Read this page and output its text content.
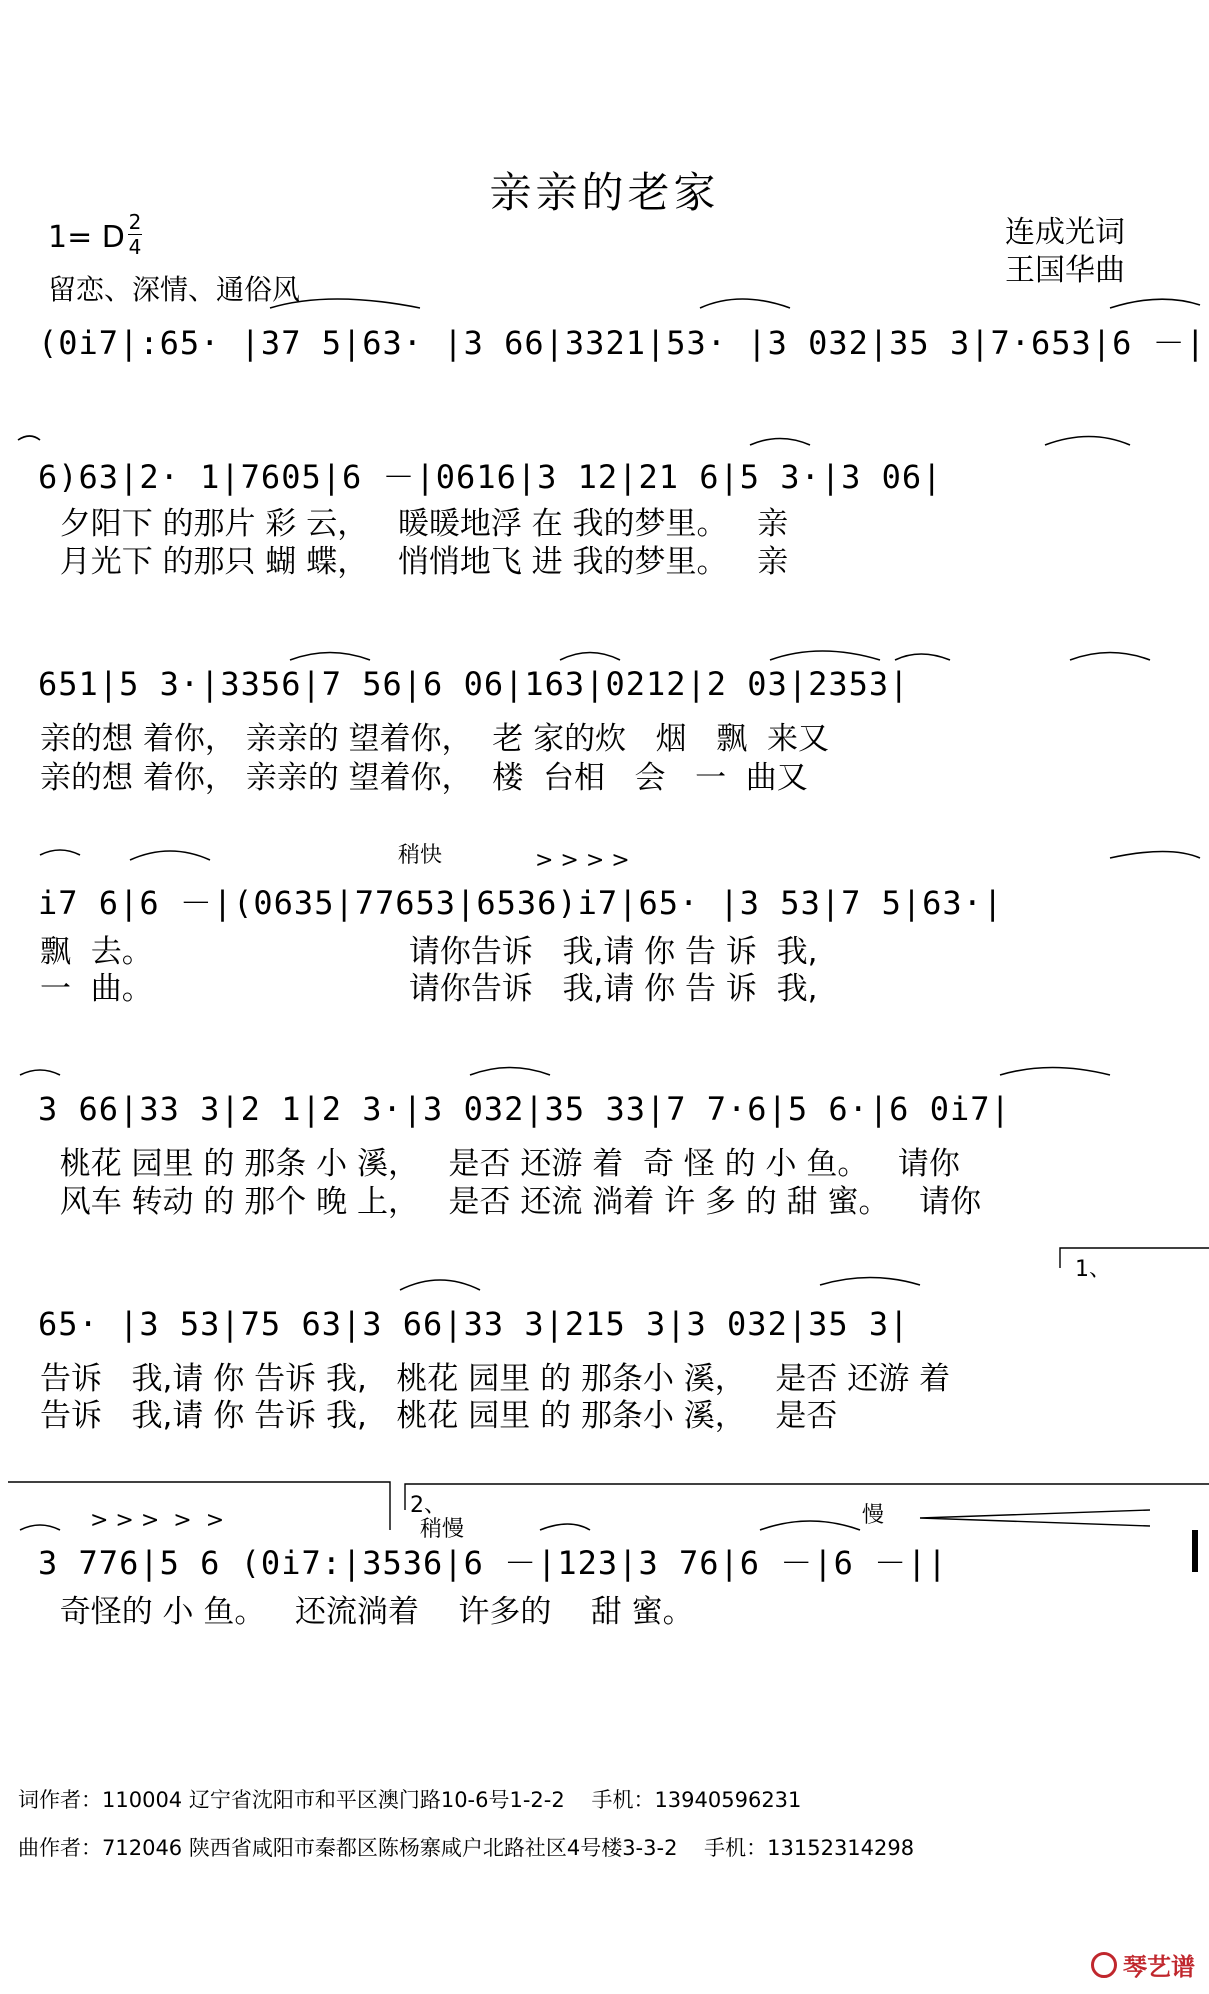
亲亲的老家
连成光词
王国华曲
1= D 2
4
留恋、深情、通俗风
(0i7|:65· |37 5|63· |3 66|3321|53· |3 032|35 3|7·653|6 －|
6)63|2· 1|7605|6 －|0616|3 12|21 6|5 3·|3 06|
夕阳下 的那片 彩 云，   暖暖地浮 在 我的梦里。   亲
月光下 的那只 蝴 蝶，   悄悄地飞 进 我的梦里。   亲
651|5 3·|3356|7 56|6 06|163|0212|2 03|2353|
亲的想 着你， 亲亲的 望着你，  老 家的炊   烟   飘  来又
亲的想 着你， 亲亲的 望着你，  楼  台相   会   一  曲又
稍快	> > > >
i7 6|6 －|(0635|77653|6536)i7|65· |3 53|7 5|63·|
飘  去。                          请你告诉   我,请 你 告 诉  我,
一  曲。                          请你告诉   我,请 你 告 诉  我,
3 66|33 3|2 1|2 3·|3 032|35 33|7 7·6|5 6·|6 0i7|
桃花 园里 的 那条 小 溪，   是否 还游 着  奇 怪 的 小 鱼。   请你
风车 转动 的 那个 晚 上，   是否 还流 淌着 许 多 的 甜 蜜。   请你
1、
65· |3 53|75 63|3 66|33 3|215 3|3 032|35 3|
告诉   我,请 你 告诉 我,   桃花 园里 的 那条小 溪，   是否 还游 着
告诉   我,请 你 告诉 我,   桃花 园里 的 那条小 溪，   是否
2、
> > >  >  >	稍慢
慢
3 776|5 6 (0i7:|3536|6 －|123|3 76|6 －|6 －||
奇怪的 小 鱼。   还流淌着    许多的    甜 蜜。
词作者：110004 辽宁省沈阳市和平区澳门路10-6号1-2-2    手机：13940596231
曲作者：712046 陕西省咸阳市秦都区陈杨寨咸户北路社区4号楼3-3-2    手机：13152314298
琴艺谱
